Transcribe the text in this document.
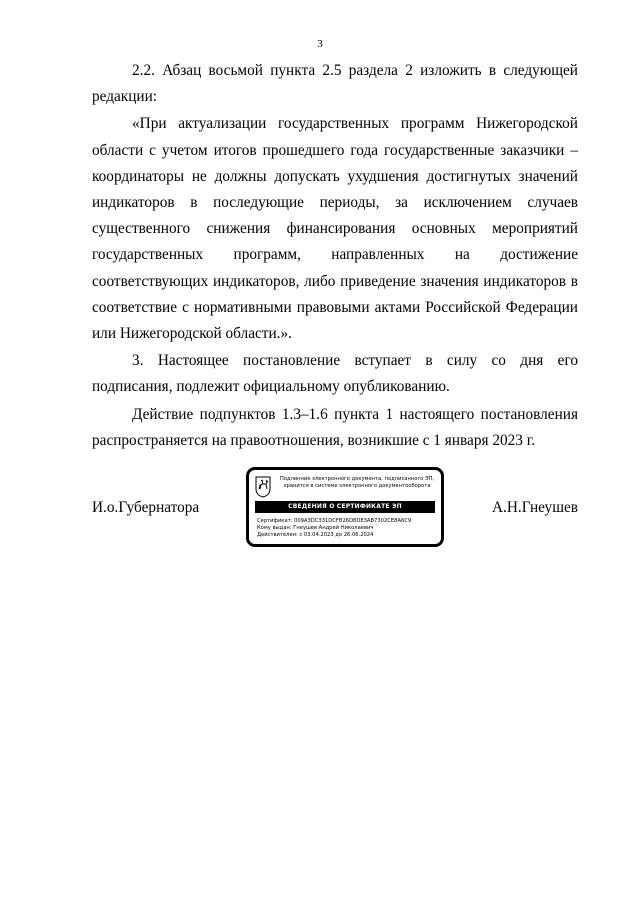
3

2.2. Абзац восьмой пункта 2.5 раздела 2 изложить в следующей редакции:

«При актуализации государственных программ Нижегородской области с учетом итогов прошедшего года государственные заказчики – координаторы не должны допускать ухудшения достигнутых значений индикаторов в последующие периоды, за исключением случаев существенного снижения финансирования основных мероприятий государственных программ, направленных на достижение соответствующих индикаторов, либо приведение значения индикаторов в соответствие с нормативными правовыми актами Российской Федерации или Нижегородской области.».

3. Настоящее постановление вступает в силу со дня его подписания, подлежит официальному опубликованию.

Действие подпунктов 1.3–1.6 пункта 1 настоящего постановления распространяется на правоотношения, возникшие с 1 января 2023 г.

И.о.Губернатора
Подлинник электронного документа, подписанного ЭП,
хранится в системе электронного документооборота
СВЕДЕНИЯ О СЕРТИФИКАТЕ ЭП
Сертификат: 009A3DC331DCFB26D8DE3AB7302CE8A6C9
Кому выдан: Гнеушев Андрей Николаевич
Действителен: с 03.04.2023 до 26.06.2024
А.Н.Гнеушев
